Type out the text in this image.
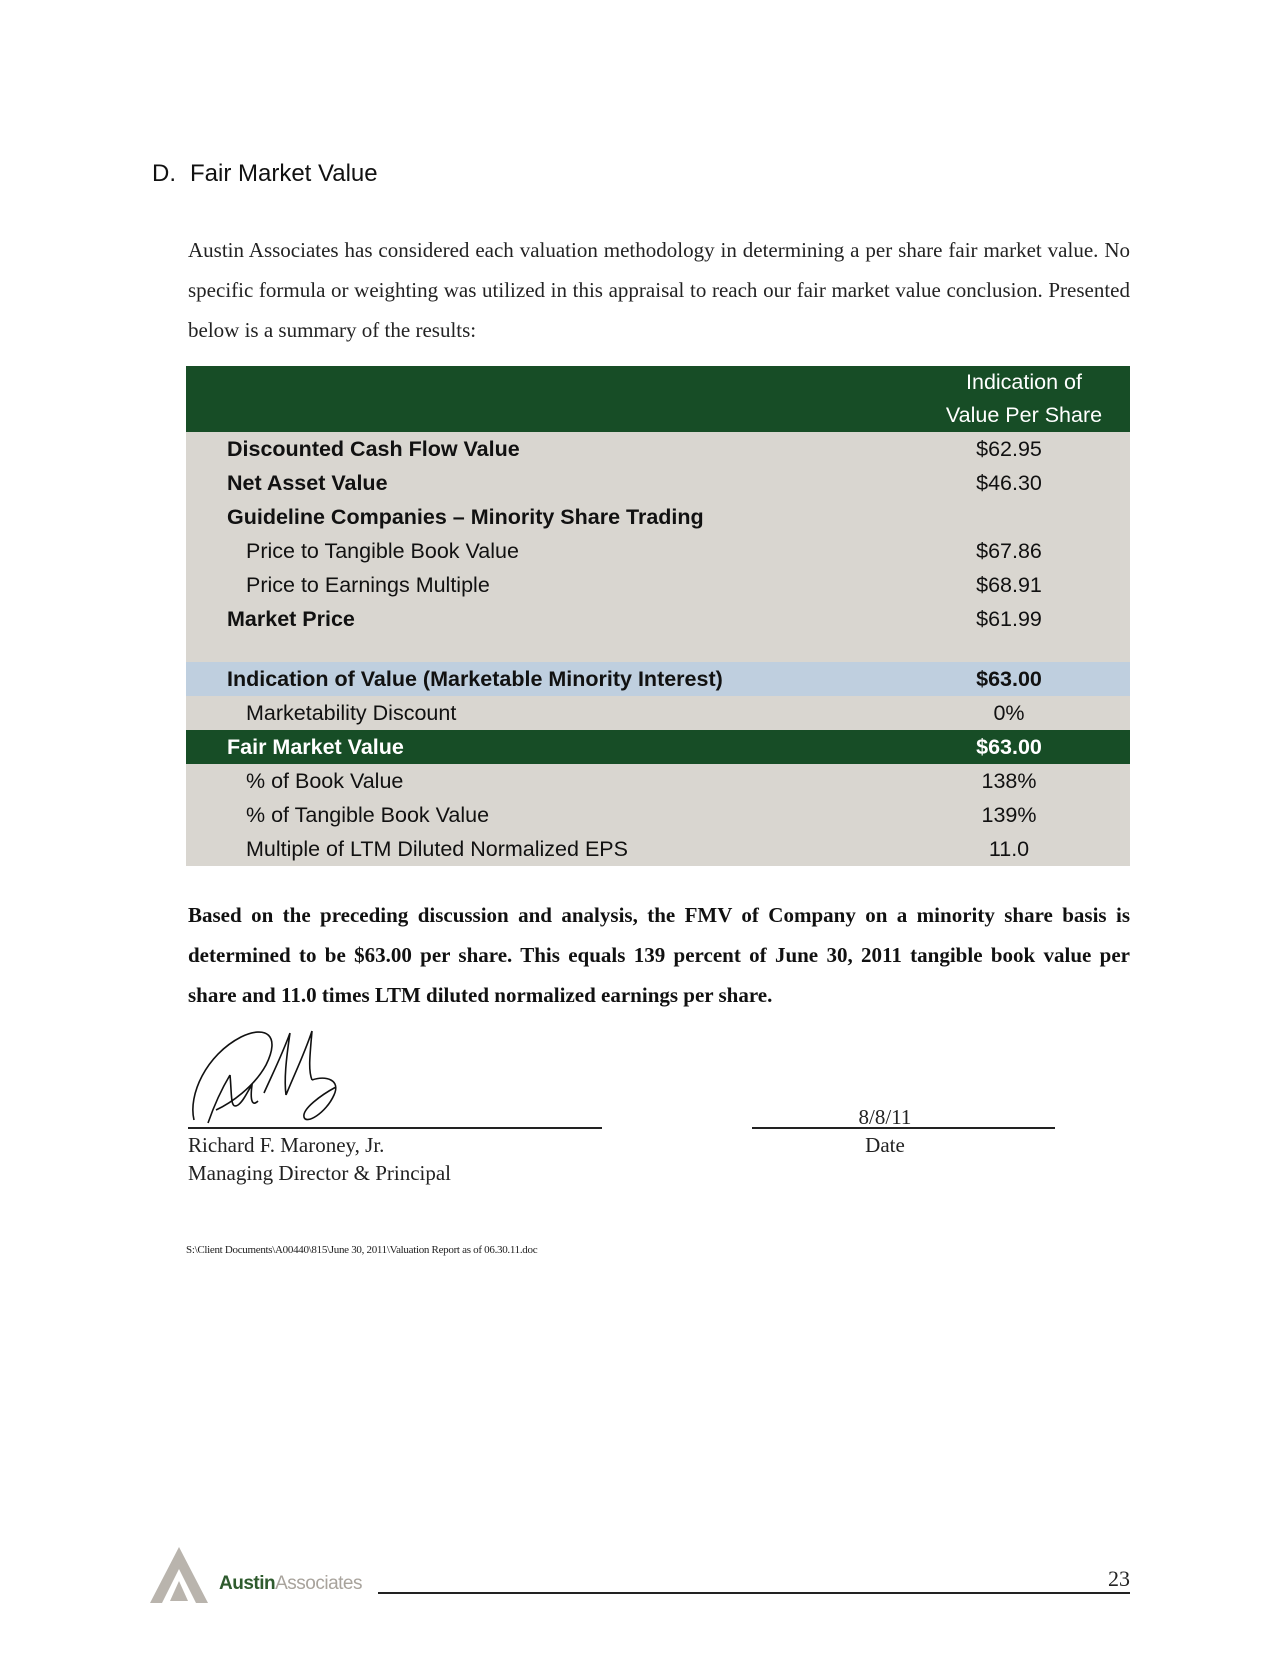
D. Fair Market Value

Austin Associates has considered each valuation methodology in determining a per share fair market value. No specific formula or weighting was utilized in this appraisal to reach our fair market value conclusion. Presented below is a summary of the results:

Indication of
Value Per Share
Discounted Cash Flow Value	$62.95
Net Asset Value	$46.30
Guideline Companies – Minority Share Trading
Price to Tangible Book Value	$67.86
Price to Earnings Multiple	$68.91
Market Price	$61.99
Indication of Value (Marketable Minority Interest)	$63.00
Marketability Discount	0%
Fair Market Value	$63.00
% of Book Value	138%
% of Tangible Book Value	139%
Multiple of LTM Diluted Normalized EPS	11.0

Based on the preceding discussion and analysis, the FMV of Company on a minority share basis is determined to be $63.00 per share. This equals 139 percent of June 30, 2011 tangible book value per share and 11.0 times LTM diluted normalized earnings per share.

Richard F. Maroney, Jr.
Managing Director & Principal
8/8/11
Date
S:\Client Documents\A00440\815\June 30, 2011\Valuation Report as of 06.30.11.doc
AustinAssociates	23
